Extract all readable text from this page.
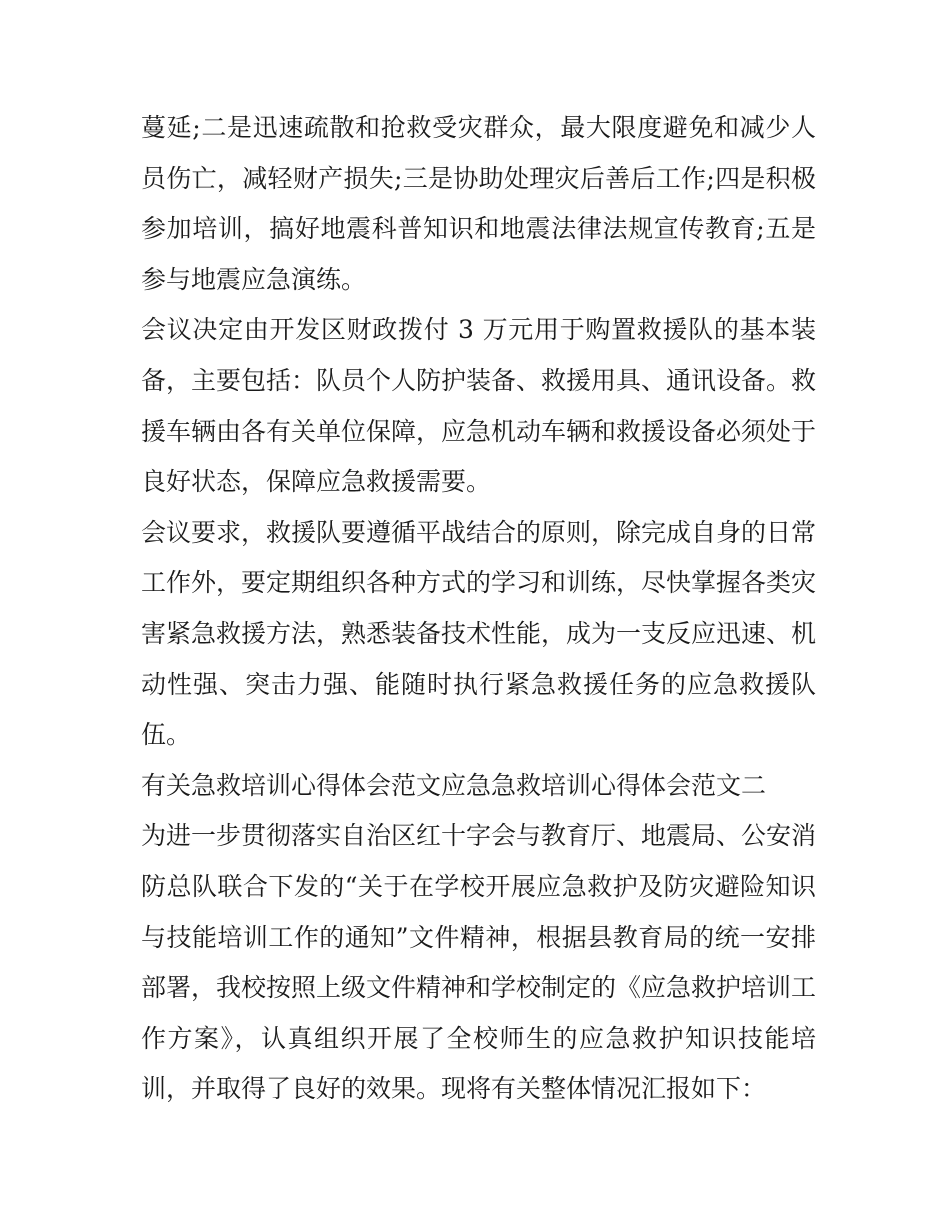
蔓延;二是迅速疏散和抢救受灾群众，最大限度避免和减少人
员伤亡，减轻财产损失;三是协助处理灾后善后工作;四是积极
参加培训，搞好地震科普知识和地震法律法规宣传教育;五是
参与地震应急演练。
会议决定由开发区财政拨付 3 万元用于购置救援队的基本装
备，主要包括：队员个人防护装备、救援用具、通讯设备。救
援车辆由各有关单位保障，应急机动车辆和救援设备必须处于
良好状态，保障应急救援需要。
会议要求，救援队要遵循平战结合的原则，除完成自身的日常
工作外，要定期组织各种方式的学习和训练，尽快掌握各类灾
害紧急救援方法，熟悉装备技术性能，成为一支反应迅速、机
动性强、突击力强、能随时执行紧急救援任务的应急救援队
伍。
有关急救培训心得体会范文应急急救培训心得体会范文二
为进一步贯彻落实自治区红十字会与教育厅、地震局、公安消
防总队联合下发的“关于在学校开展应急救护及防灾避险知识
与技能培训工作的通知”文件精神，根据县教育局的统一安排
部署，我校按照上级文件精神和学校制定的《应急救护培训工
作方案》，认真组织开展了全校师生的应急救护知识技能培
训，并取得了良好的效果。现将有关整体情况汇报如下：
